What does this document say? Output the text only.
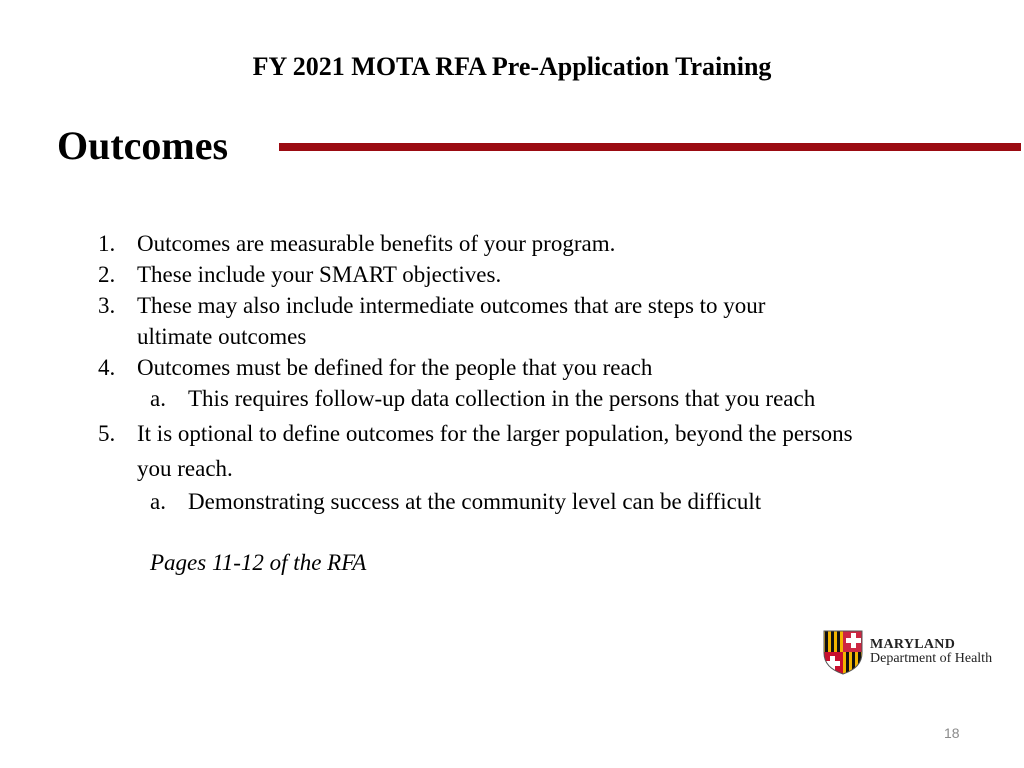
FY 2021 MOTA RFA Pre-Application Training
Outcomes
1. Outcomes are measurable benefits of your program.
2. These include your SMART objectives.
3. These may also include intermediate outcomes that are steps to your ultimate outcomes
4. Outcomes must be defined for the people that you reach
a. This requires follow-up data collection in the persons that you reach
5. It is optional to define outcomes for the larger population, beyond the persons you reach.
a. Demonstrating success at the community level can be difficult
Pages 11-12 of the RFA
MARYLAND
Department of Health
18
